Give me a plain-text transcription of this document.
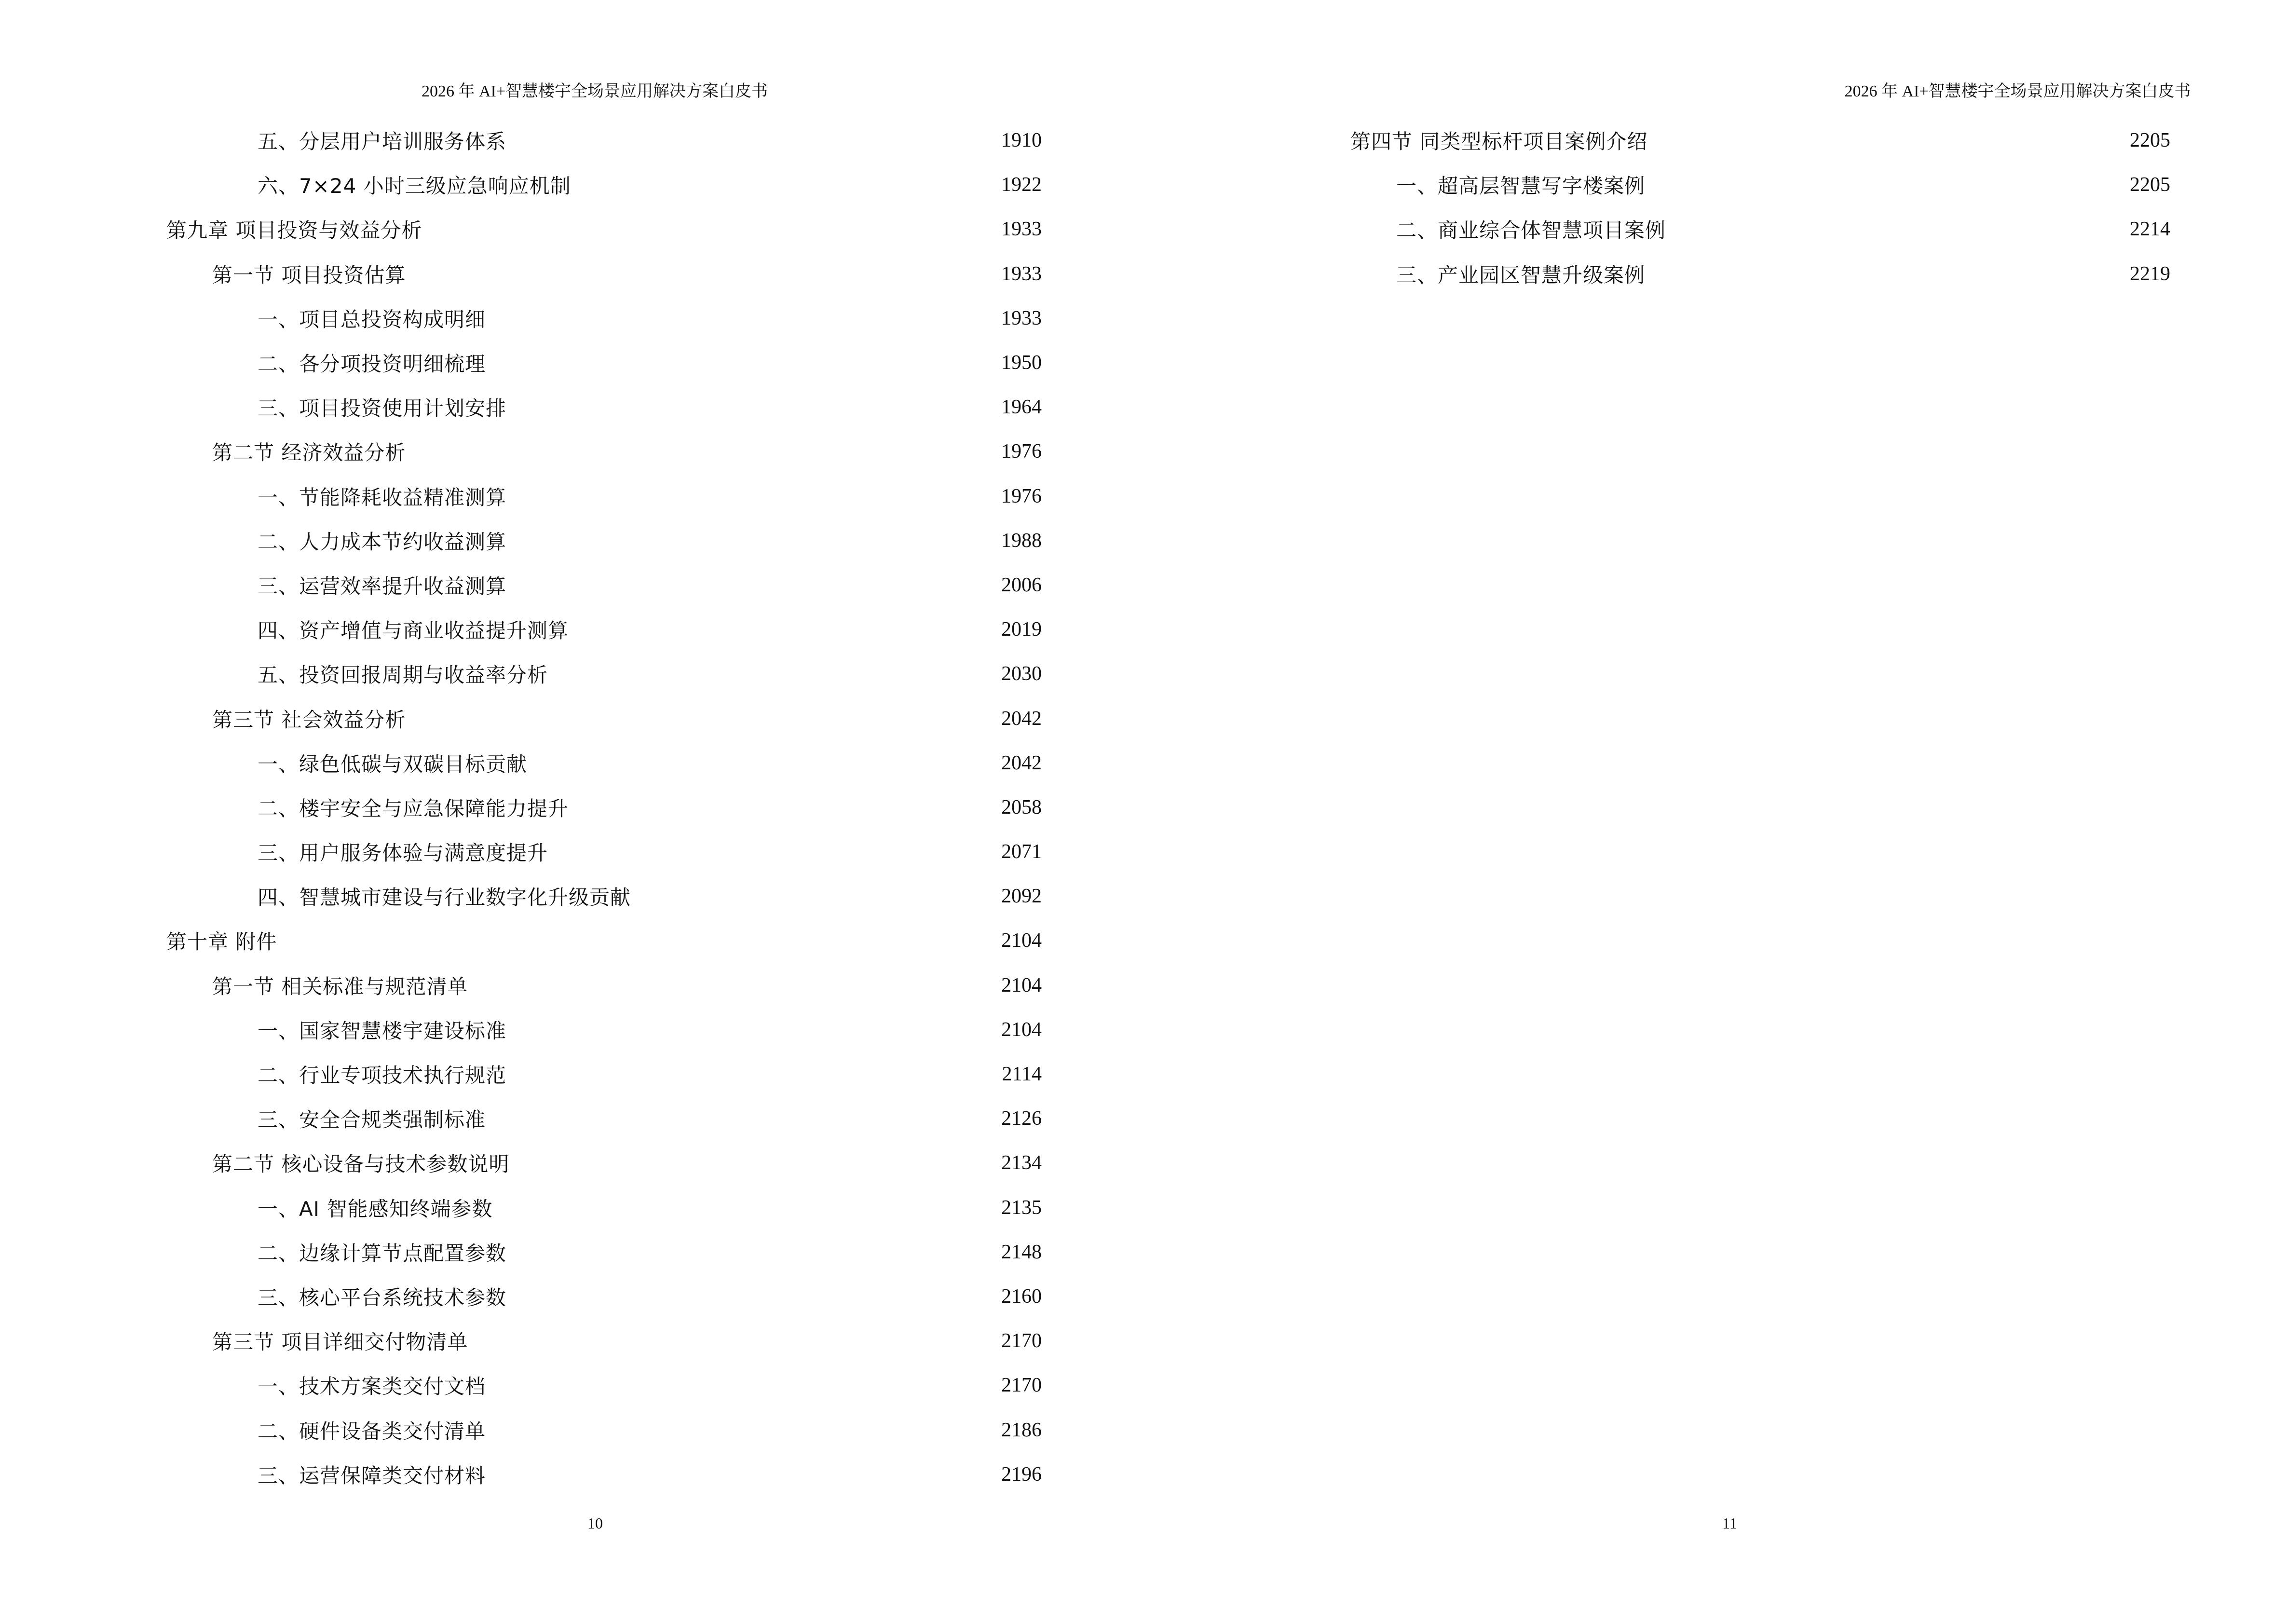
2026 年 AI+智慧楼宇全场景应用解决方案白皮书
五、分层用户培训服务体系	1910
六、7×24 小时三级应急响应机制	1922
第九章 项目投资与效益分析	1933
第一节 项目投资估算	1933
一、项目总投资构成明细	1933
二、各分项投资明细梳理	1950
三、项目投资使用计划安排	1964
第二节 经济效益分析	1976
一、节能降耗收益精准测算	1976
二、人力成本节约收益测算	1988
三、运营效率提升收益测算	2006
四、资产增值与商业收益提升测算	2019
五、投资回报周期与收益率分析	2030
第三节 社会效益分析	2042
一、绿色低碳与双碳目标贡献	2042
二、楼宇安全与应急保障能力提升	2058
三、用户服务体验与满意度提升	2071
四、智慧城市建设与行业数字化升级贡献	2092
第十章 附件	2104
第一节 相关标准与规范清单	2104
一、国家智慧楼宇建设标准	2104
二、行业专项技术执行规范	2114
三、安全合规类强制标准	2126
第二节 核心设备与技术参数说明	2134
一、AI 智能感知终端参数	2135
二、边缘计算节点配置参数	2148
三、核心平台系统技术参数	2160
第三节 项目详细交付物清单	2170
一、技术方案类交付文档	2170
二、硬件设备类交付清单	2186
三、运营保障类交付材料	2196
10
2026 年 AI+智慧楼宇全场景应用解决方案白皮书
第四节 同类型标杆项目案例介绍	2205
一、超高层智慧写字楼案例	2205
二、商业综合体智慧项目案例	2214
三、产业园区智慧升级案例	2219
11
